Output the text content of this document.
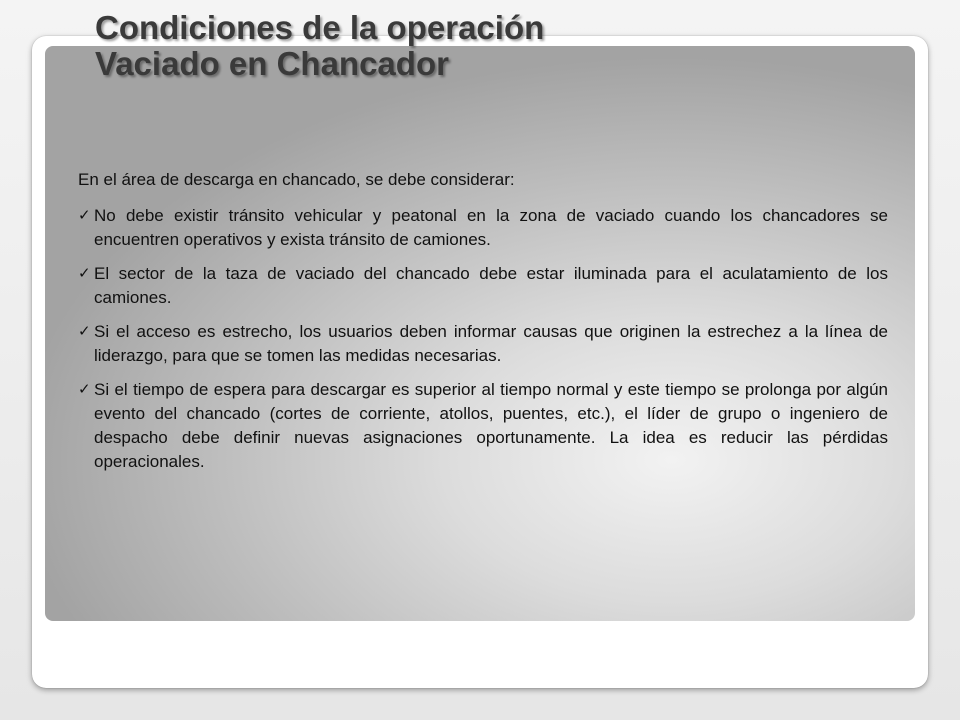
Condiciones de la operación
Vaciado en Chancador

En el área de descarga en chancado, se debe considerar:

✓ No debe existir tránsito vehicular y peatonal en la zona de vaciado cuando los chancadores se encuentren operativos y exista tránsito de camiones.
✓ El sector de la taza de vaciado del chancado debe estar iluminada para el aculatamiento de los camiones.
✓ Si el acceso es estrecho, los usuarios deben informar causas que originen la estrechez a la línea de liderazgo, para que se tomen las medidas necesarias.
✓ Si el tiempo de espera para descargar es superior al tiempo normal y este tiempo se prolonga por algún evento del chancado (cortes de corriente, atollos, puentes, etc.), el líder de grupo o ingeniero de despacho debe definir nuevas asignaciones oportunamente. La idea es reducir las pérdidas operacionales.
